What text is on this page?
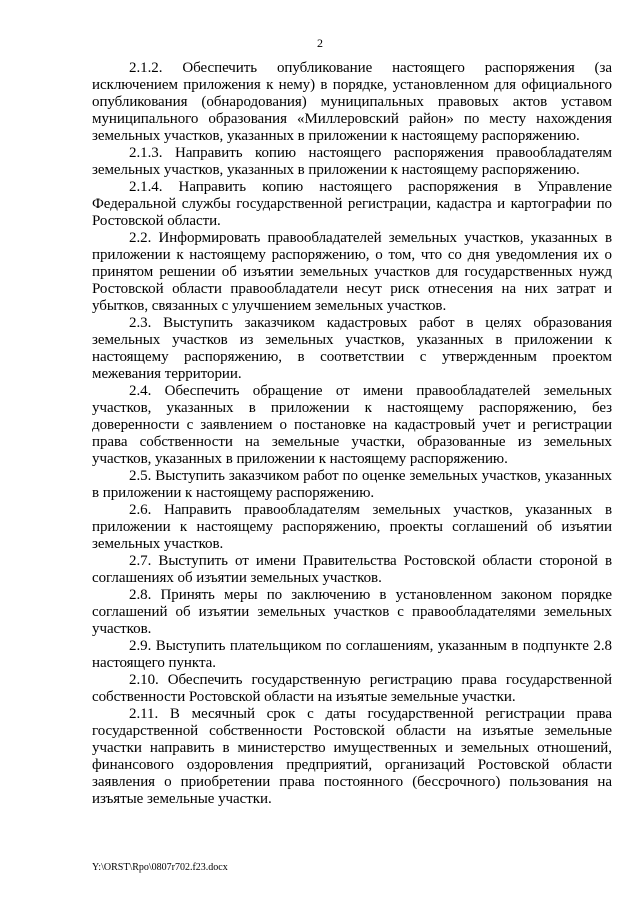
2

2.1.2. Обеспечить опубликование настоящего распоряжения (за исключением приложения к нему) в порядке, установленном для официального опубликования (обнародования) муниципальных правовых актов уставом муниципального образования «Миллеровский район» по месту нахождения земельных участков, указанных в приложении к настоящему распоряжению.

2.1.3. Направить копию настоящего распоряжения правообладателям земельных участков, указанных в приложении к настоящему распоряжению.

2.1.4. Направить копию настоящего распоряжения в Управление Федеральной службы государственной регистрации, кадастра и картографии по Ростовской области.

2.2. Информировать правообладателей земельных участков, указанных в приложении к настоящему распоряжению, о том, что со дня уведомления их о принятом решении об изъятии земельных участков для государственных нужд Ростовской области правообладатели несут риск отнесения на них затрат и убытков, связанных с улучшением земельных участков.

2.3. Выступить заказчиком кадастровых работ в целях образования земельных участков из земельных участков, указанных в приложении к настоящему распоряжению, в соответствии с утвержденным проектом межевания территории.

2.4. Обеспечить обращение от имени правообладателей земельных участков, указанных в приложении к настоящему распоряжению, без доверенности с заявлением о постановке на кадастровый учет и регистрации права собственности на земельные участки, образованные из земельных участков, указанных в приложении к настоящему распоряжению.

2.5. Выступить заказчиком работ по оценке земельных участков, указанных в приложении к настоящему распоряжению.

2.6. Направить правообладателям земельных участков, указанных в приложении к настоящему распоряжению, проекты соглашений об изъятии земельных участков.

2.7. Выступить от имени Правительства Ростовской области стороной в соглашениях об изъятии земельных участков.

2.8. Принять меры по заключению в установленном законом порядке соглашений об изъятии земельных участков с правообладателями земельных участков.

2.9. Выступить плательщиком по соглашениям, указанным в подпункте 2.8 настоящего пункта.

2.10. Обеспечить государственную регистрацию права государственной собственности Ростовской области на изъятые земельные участки.

2.11. В месячный срок с даты государственной регистрации права государственной собственности Ростовской области на изъятые земельные участки направить в министерство имущественных и земельных отношений, финансового оздоровления предприятий, организаций Ростовской области заявления о приобретении права постоянного (бессрочного) пользования на изъятые земельные участки.

Y:\ORST\Rpo\0807r702.f23.docx
